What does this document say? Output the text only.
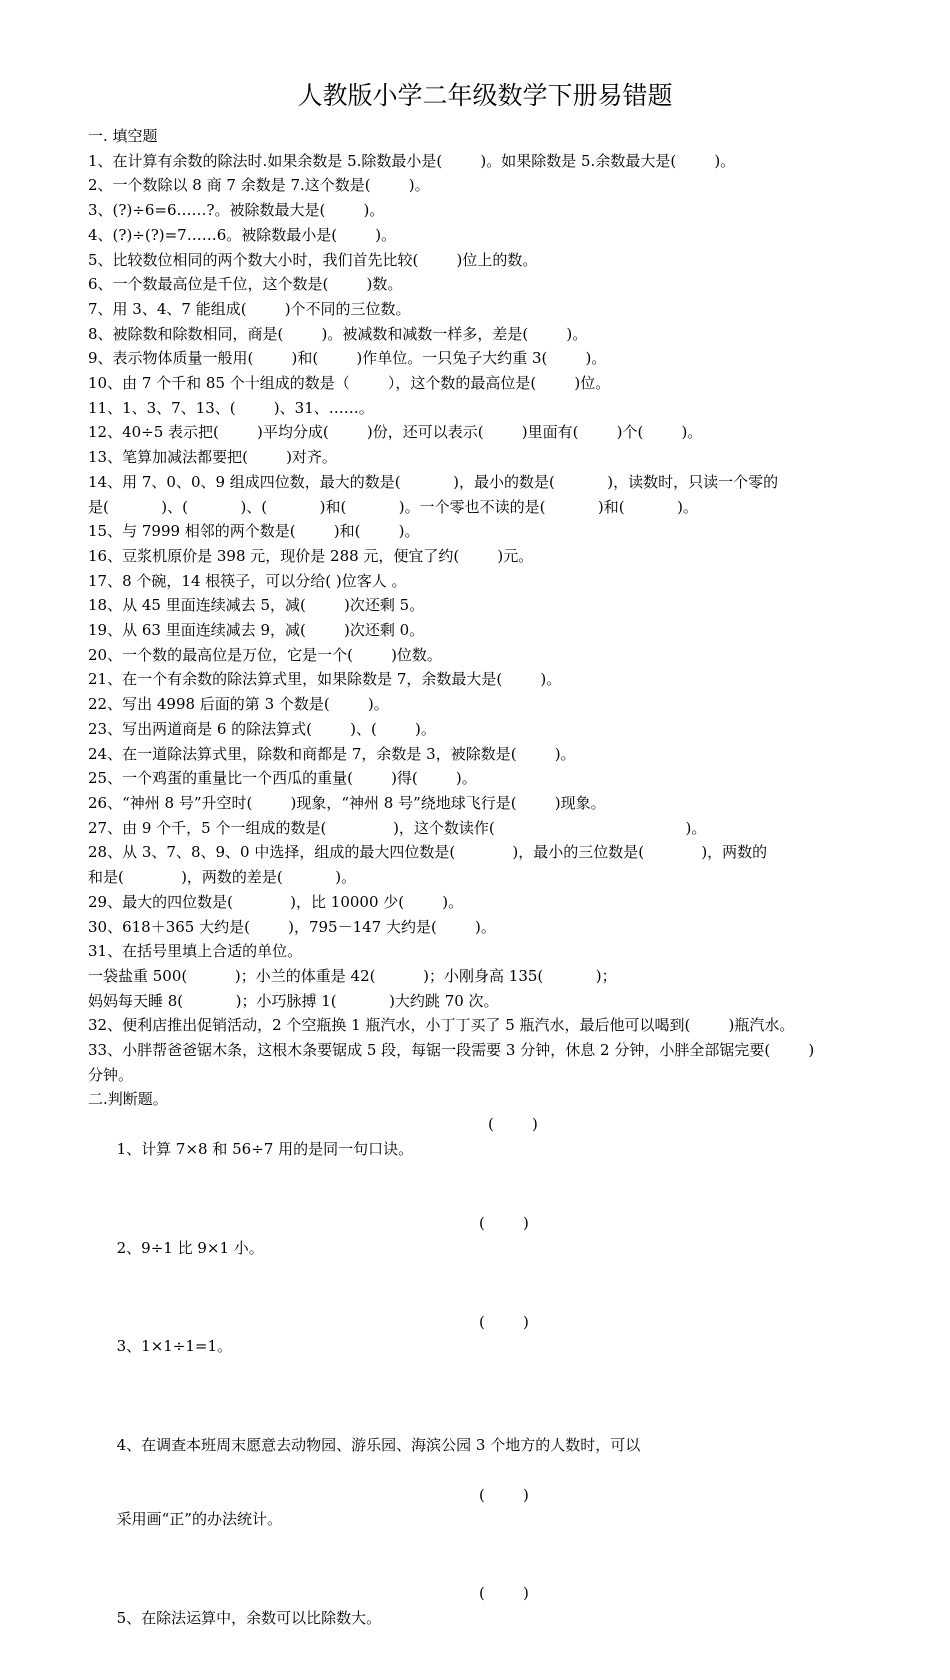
人教版小学二年级数学下册易错题
一. 填空题
1、在计算有余数的除法时.如果余数是 5.除数最小是(        )。如果除数是 5.余数最大是(        )。
2、一个数除以 8 商 7 余数是 7.这个数是(        )。
3、(?)÷6=6……?。被除数最大是(        )。
4、(?)÷(?)=7……6。被除数最小是(        )。
5、比较数位相同的两个数大小时，我们首先比较(        )位上的数。
6、一个数最高位是千位，这个数是(        )数。
7、用 3、4、7 能组成(        )个不同的三位数。
8、被除数和除数相同，商是(        )。被减数和减数一样多，差是(        )。
9、表示物体质量一般用(        )和(        )作单位。一只兔子大约重 3(        )。
10、由 7 个千和 85 个十组成的数是（        ），这个数的最高位是(        )位。
11、1、3、7、13、(        )、31、……。
12、40÷5 表示把(        )平均分成(        )份，还可以表示(        )里面有(        )个(        )。
13、笔算加减法都要把(        )对齐。
14、用 7、0、0、9 组成四位数，最大的数是(           )，最小的数是(           )，读数时，只读一个零的
是(           )、(           )、(           )和(           )。一个零也不读的是(           )和(           )。
15、与 7999 相邻的两个数是(        )和(        )。
16、豆浆机原价是 398 元，现价是 288 元，便宜了约(        )元。
17、8 个碗，14 根筷子，可以分给( )位客人 。
18、从 45 里面连续减去 5，减(        )次还剩 5。
19、从 63 里面连续减去 9，减(        )次还剩 0。
20、一个数的最高位是万位，它是一个(        )位数。
21、在一个有余数的除法算式里，如果除数是 7，余数最大是(        )。
22、写出 4998 后面的第 3 个数是(        )。
23、写出两道商是 6 的除法算式(        )、(        )。
24、在一道除法算式里，除数和商都是 7，余数是 3，被除数是(        )。
25、一个鸡蛋的重量比一个西瓜的重量(        )得(        )。
26、“神州 8 号”升空时(        )现象，“神州 8 号”绕地球飞行是(        )现象。
27、由 9 个千，5 个一组成的数是(              )，这个数读作(                                        )。
28、从 3、7、8、9、0 中选择，组成的最大四位数是(            )，最小的三位数是(            )，两数的
和是(            )，两数的差是(           )。
29、最大的四位数是(            )，比 10000 少(        )。
30、618＋365 大约是(        )，795－147 大约是(        )。
31、在括号里填上合适的单位。
一袋盐重 500(          )；小兰的体重是 42(          )；小刚身高 135(           )；
妈妈每天睡 8(           )；小巧脉搏 1(           )大约跳 70 次。
32、便利店推出促销活动，2 个空瓶换 1 瓶汽水，小丁丁买了 5 瓶汽水，最后他可以喝到(        )瓶汽水。
33、小胖帮爸爸锯木条，这根木条要锯成 5 段，每锯一段需要 3 分钟，休息 2 分钟，小胖全部锯完要(        )
分钟。
二.判断题。

1、计算 7×8 和 56÷7 用的是同一句口诀。

(        )

2、9÷1 比 9×1 小。

(        )

3、1×1÷1=1。

(        )

4、在调查本班周末愿意去动物园、游乐园、海滨公园 3 个地方的人数时，可以

采用画“正”的办法统计。

(        )

5、在除法运算中，余数可以比除数大。

(        )
